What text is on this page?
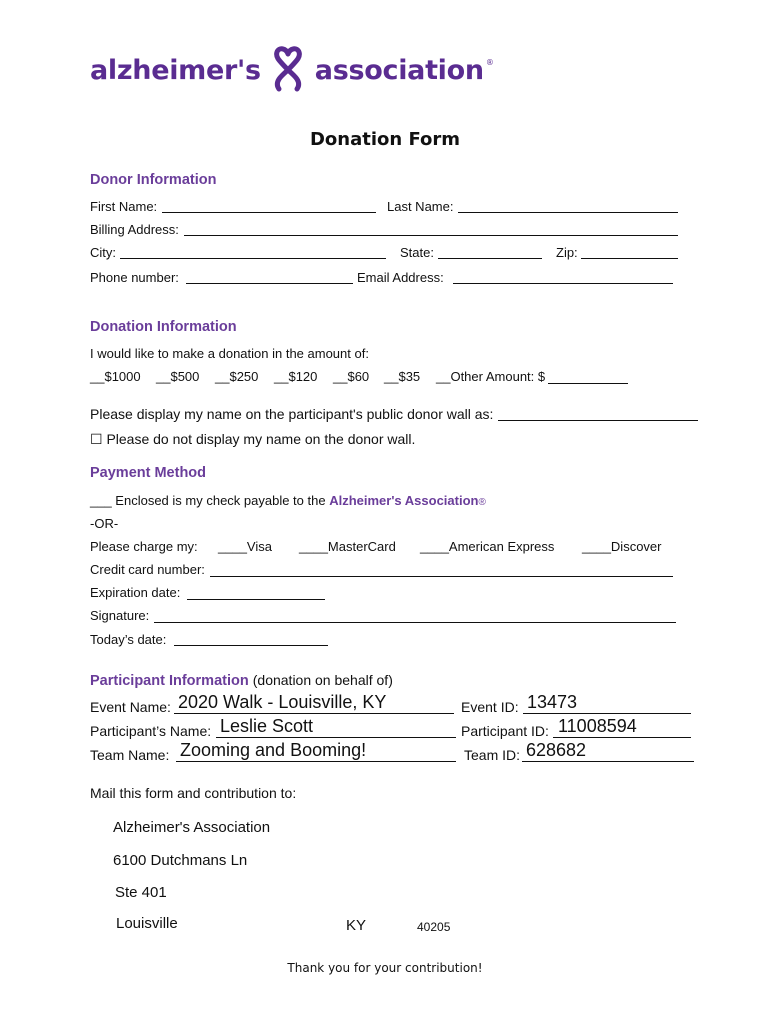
alzheimer's association ®
Donation Form
Donor Information
First Name:	Last Name:
Billing Address:
City:	State:	Zip:
Phone number:	Email Address:
Donation Information
I would like to make a donation in the amount of:
__$1000 __$500 __$250 __$120 __$60 __$35 __Other Amount: $
Please display my name on the participant's public donor wall as:
☐ Please do not display my name on the donor wall.
Payment Method
___ Enclosed is my check payable to the Alzheimer's Association®
-OR-
Please charge my: ____Visa ____MasterCard ____American Express ____Discover
Credit card number:
Expiration date:
Signature:
Today’s date:
Participant Information (donation on behalf of)
Event Name: 2020 Walk - Louisville, KY	Event ID: 13473
Participant’s Name: Leslie Scott	Participant ID: 11008594
Team Name: Zooming and Booming!	Team ID: 628682
Mail this form and contribution to:
Alzheimer's Association
6100 Dutchmans Ln
Ste 401
Louisville	KY	40205
Thank you for your contribution!
